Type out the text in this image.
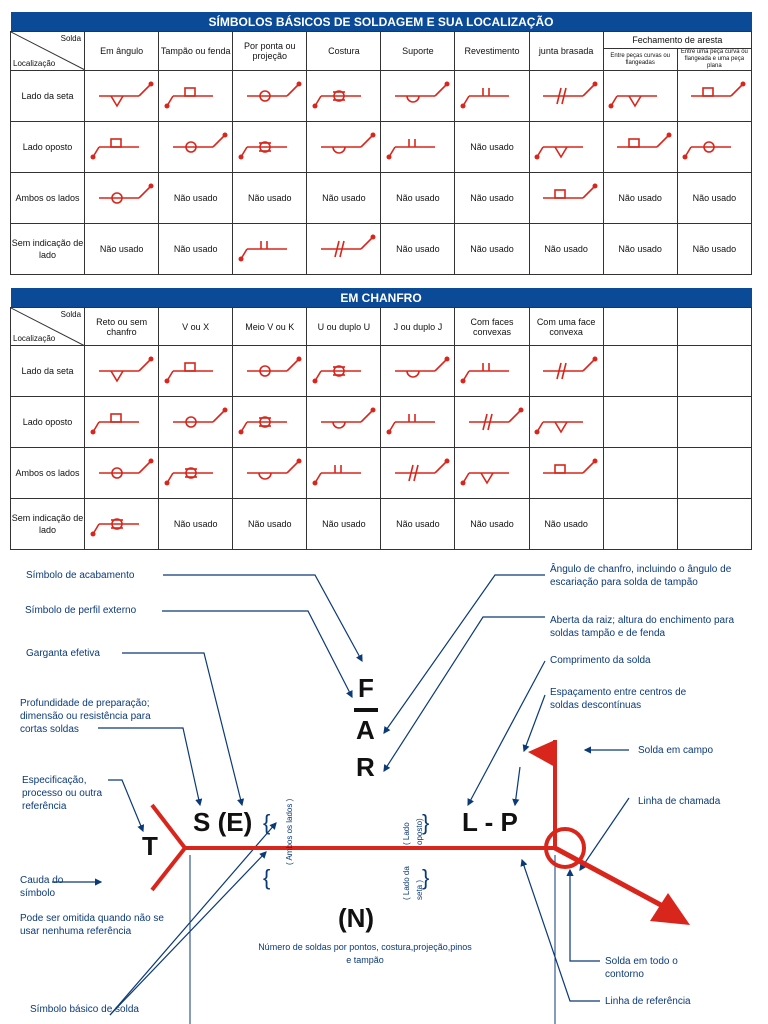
SÍMBOLOS BÁSICOS DE SOLDAGEM E SUA LOCALIZAÇÃO									

Solda
Localização	Em ângulo	Tampão ou fenda	Por ponta ou projeção	Costura	Suporte	Revestimento	junta brasada	Fechamento de aresta	
								Entre peças curvas ou flangeadas	Entre uma peça curva ou flangeada e uma peça plana
Lado da seta									
Lado oposto						Não usado			
Ambos os lados		Não usado	Não usado	Não usado	Não usado	Não usado		Não usado	Não usado
Sem indicação de lado	Não usado	Não usado			Não usado	Não usado	Não usado	Não usado	Não usado
EM CHANFRO									

Solda
Localização	Reto ou sem chanfro	V ou X	Meio V ou K	U ou duplo U	J ou duplo J	Com faces convexas	Com uma face convexa		
Lado da seta									
Lado oposto									
Ambos os lados									
Sem indicação de lado		Não usado	Não usado	Não usado	Não usado	Não usado	Não usado		
{
{
}
}
F
A
R
T
S (E)	L - P
(N)
( Ambos os lados )	( Lado oposto)
( Lado da seta )
Símbolo de acabamento
Símbolo de perfil externo
Garganta efetiva
Profundidade de preparação; dimensão ou resistência para cortas soldas
Especificação, processo ou outra referência
Cauda do símbolo
Pode ser omitida quando não se usar nenhuma referência
Símbolo básico de solda
Ângulo de chanfro, incluindo o ângulo de escariação para solda de tampão
Aberta da raiz; altura do enchimento para soldas tampão e de fenda
Comprimento da solda
Espaçamento entre centros de soldas descontínuas
Solda em campo
Linha de chamada
Solda em todo o contorno
Linha de referência
Número de soldas por pontos, costura,projeção,pinos e tampão
